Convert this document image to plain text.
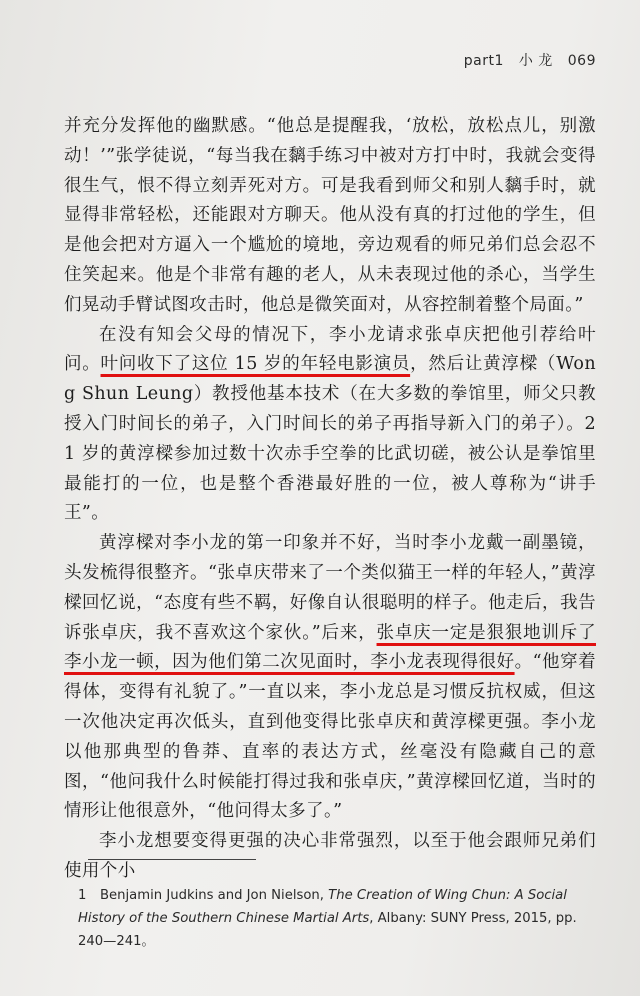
part1 小 龙 069

并充分发挥他的幽默感。“他总是提醒我，‘放松，放松点儿，别激动！’”张学徒说，“每当我在黐手练习中被对方打中时，我就会变得很生气，恨不得立刻弄死对方。可是我看到师父和别人黐手时，就显得非常轻松，还能跟对方聊天。他从没有真的打过他的学生，但是他会把对方逼入一个尴尬的境地，旁边观看的师兄弟们总会忍不住笑起来。他是个非常有趣的老人，从未表现过他的杀心，当学生们晃动手臂试图攻击时，他总是微笑面对，从容控制着整个局面。”

在没有知会父母的情况下，李小龙请求张卓庆把他引荐给叶问。叶问收下了这位 15 岁的年轻电影演员，然后让黄淳樑（Wong Shun Leung）教授他基本技术（在大多数的拳馆里，师父只教授入门时间长的弟子，入门时间长的弟子再指导新入门的弟子）。21 岁的黄淳樑参加过数十次赤手空拳的比武切磋，被公认是拳馆里最能打的一位，也是整个香港最好胜的一位，被人尊称为“讲手王”。

黄淳樑对李小龙的第一印象并不好，当时李小龙戴一副墨镜，头发梳得很整齐。“张卓庆带来了一个类似猫王一样的年轻人，”黄淳樑回忆说，“态度有些不羁，好像自认很聪明的样子。他走后，我告诉张卓庆，我不喜欢这个家伙。”后来，张卓庆一定是狠狠地训斥了李小龙一顿，因为他们第二次见面时，李小龙表现得很好。“他穿着得体，变得有礼貌了。”一直以来，李小龙总是习惯反抗权威，但这一次他决定再次低头，直到他变得比张卓庆和黄淳樑更强。李小龙以他那典型的鲁莽、直率的表达方式，丝毫没有隐藏自己的意图，“他问我什么时候能打得过我和张卓庆，”黄淳樑回忆道，当时的情形让他很意外，“他问得太多了。”

李小龙想要变得更强的决心非常强烈，以至于他会跟师兄弟们使用个小

1 Benjamin Judkins and Jon Nielson, The Creation of Wing Chun: A Social History of the Southern Chinese Martial Arts, Albany: SUNY Press, 2015, pp. 240—241。
